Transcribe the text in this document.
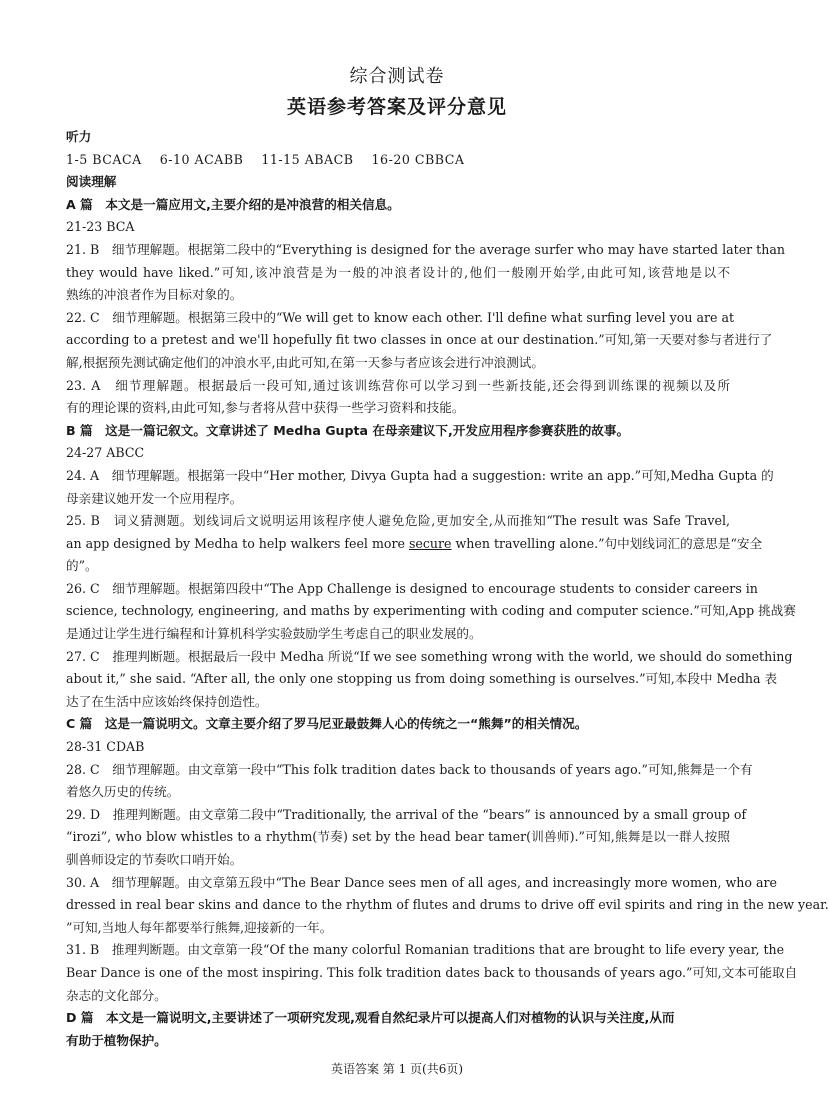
综合测试卷
英语参考答案及评分意见
听力
1-5 BCACA    6-10 ACABB    11-15 ABACB    16-20 CBBCA
阅读理解
A 篇　本文是一篇应用文,主要介绍的是冲浪营的相关信息。
21-23 BCA
21. B　细节理解题。根据第二段中的“Everything is designed for the average surfer who may have started later than
they would have liked.”可知,该冲浪营是为一般的冲浪者设计的,他们一般刚开始学,由此可知,该营地是以不
熟练的冲浪者作为目标对象的。
22. C　细节理解题。根据第三段中的“We will get to know each other. I'll define what surfing level you are at
according to a pretest and we'll hopefully fit two classes in once at our destination.”可知,第一天要对参与者进行了
解,根据预先测试确定他们的冲浪水平,由此可知,在第一天参与者应该会进行冲浪测试。
23. A　细节理解题。根据最后一段可知,通过该训练营你可以学习到一些新技能,还会得到训练课的视频以及所
有的理论课的资料,由此可知,参与者将从营中获得一些学习资料和技能。
B 篇　这是一篇记叙文。文章讲述了 Medha Gupta 在母亲建议下,开发应用程序参赛获胜的故事。
24-27 ABCC
24. A　细节理解题。根据第一段中“Her mother, Divya Gupta had a suggestion: write an app.”可知,Medha Gupta 的
母亲建议她开发一个应用程序。
25. B　词义猜测题。划线词后文说明运用该程序使人避免危险,更加安全,从而推知“The result was Safe Travel,
an app designed by Medha to help walkers feel more secure when travelling alone.”句中划线词汇的意思是“安全
的”。
26. C　细节理解题。根据第四段中“The App Challenge is designed to encourage students to consider careers in
science, technology, engineering, and maths by experimenting with coding and computer science.”可知,App 挑战赛
是通过让学生进行编程和计算机科学实验鼓励学生考虑自己的职业发展的。
27. C　推理判断题。根据最后一段中 Medha 所说“If we see something wrong with the world, we should do something
about it,” she said. “After all, the only one stopping us from doing something is ourselves.”可知,本段中 Medha 表
达了在生活中应该始终保持创造性。
C 篇　这是一篇说明文。文章主要介绍了罗马尼亚最鼓舞人心的传统之一“熊舞”的相关情况。
28-31 CDAB
28. C　细节理解题。由文章第一段中“This folk tradition dates back to thousands of years ago.”可知,熊舞是一个有
着悠久历史的传统。
29. D　推理判断题。由文章第二段中“Traditionally, the arrival of the “bears” is announced by a small group of
“irozi”, who blow whistles to a rhythm(节奏) set by the head bear tamer(训兽师).”可知,熊舞是以一群人按照
驯兽师设定的节奏吹口哨开始。
30. A　细节理解题。由文章第五段中“The Bear Dance sees men of all ages, and increasingly more women, who are
dressed in real bear skins and dance to the rhythm of flutes and drums to drive off evil spirits and ring in the new year.
”可知,当地人每年都要举行熊舞,迎接新的一年。
31. B　推理判断题。由文章第一段“Of the many colorful Romanian traditions that are brought to life every year, the
Bear Dance is one of the most inspiring. This folk tradition dates back to thousands of years ago.”可知,文本可能取自
杂志的文化部分。
D 篇　本文是一篇说明文,主要讲述了一项研究发现,观看自然纪录片可以提高人们对植物的认识与关注度,从而
有助于植物保护。
英语答案 第 1 页(共6页)
